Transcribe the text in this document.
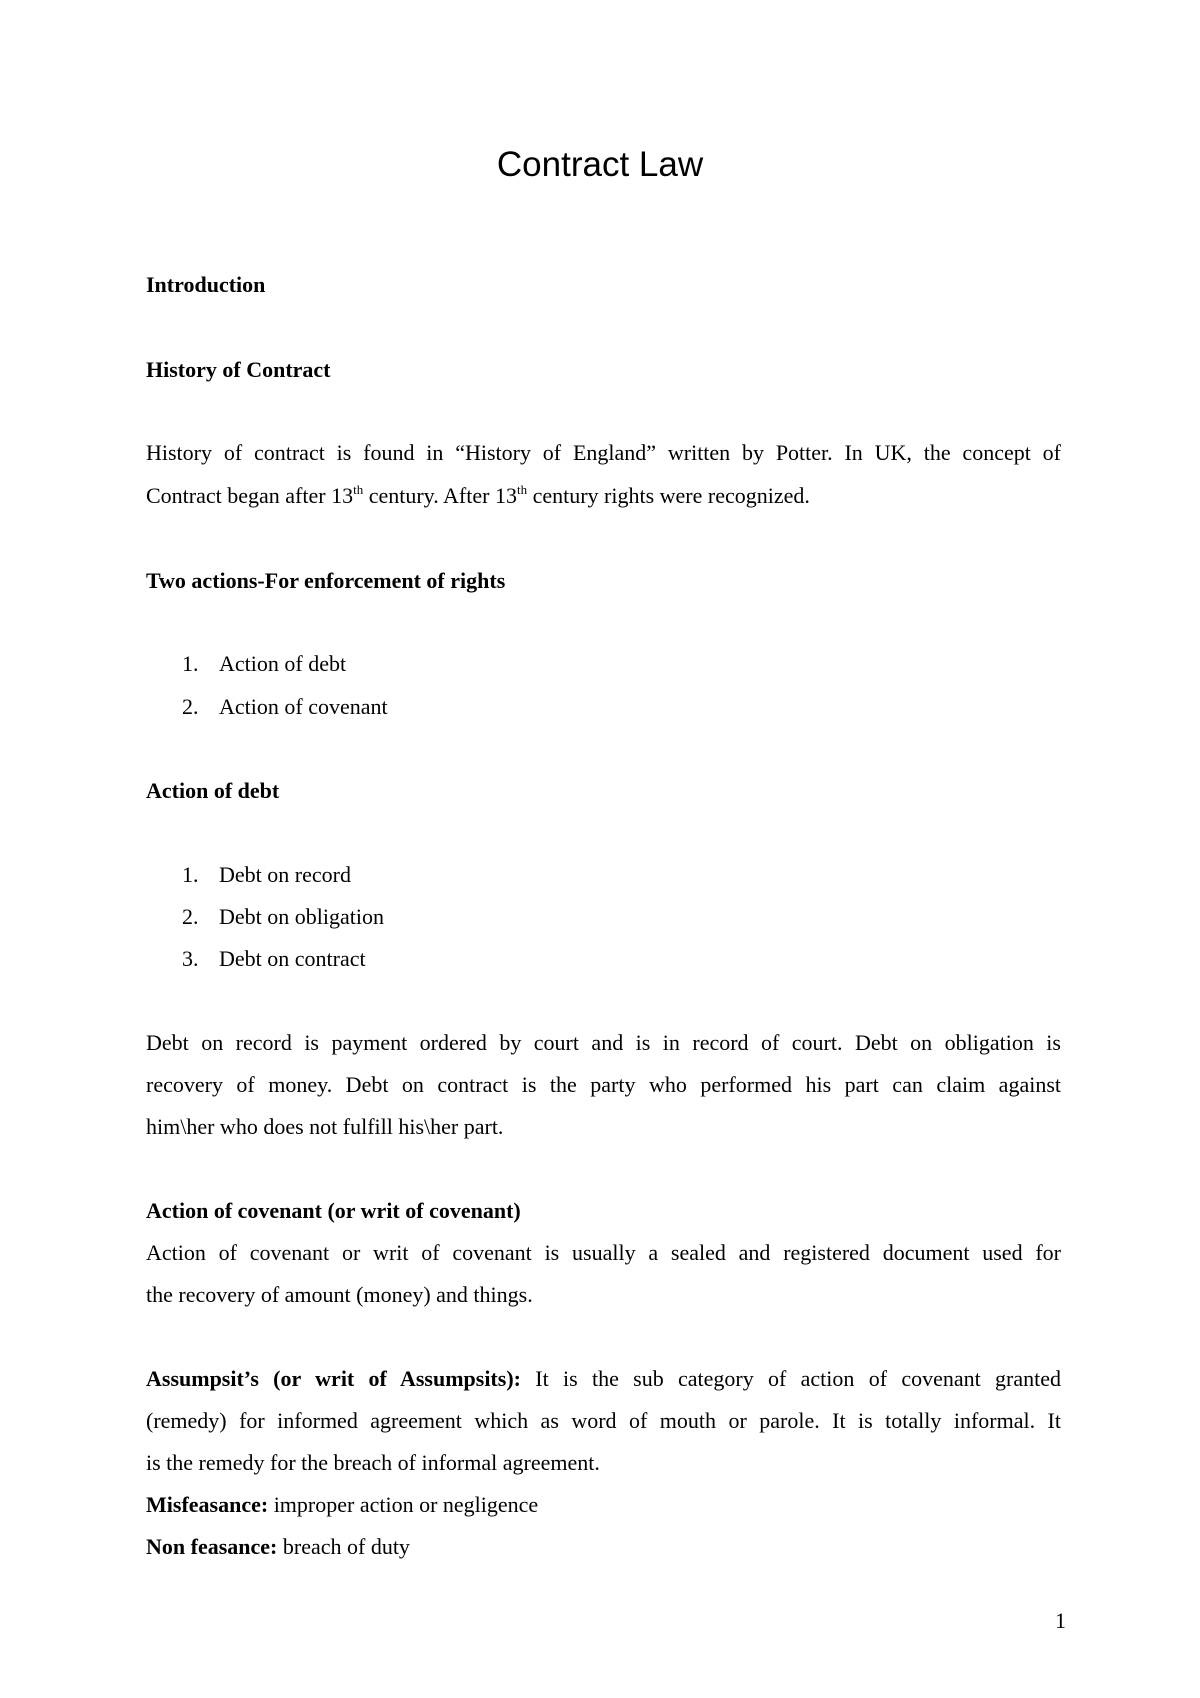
Contract Law
Introduction
History of Contract
History of contract is found in “History of England” written by Potter. In UK, the concept of
Contract began after 13th century. After 13th century rights were recognized.
Two actions-For enforcement of rights
1. Action of debt
2. Action of covenant
Action of debt
1. Debt on record
2. Debt on obligation
3. Debt on contract
Debt on record is payment ordered by court and is in record of court. Debt on obligation is
recovery of money. Debt on contract is the party who performed his part can claim against
him\her who does not fulfill his\her part.
Action of covenant (or writ of covenant)
Action of covenant or writ of covenant is usually a sealed and registered document used for
the recovery of amount (money) and things.
Assumpsit’s (or writ of Assumpsits): It is the sub category of action of covenant granted
(remedy) for informed agreement which as word of mouth or parole. It is totally informal. It
is the remedy for the breach of informal agreement.
Misfeasance: improper action or negligence
Non feasance: breach of duty
1
